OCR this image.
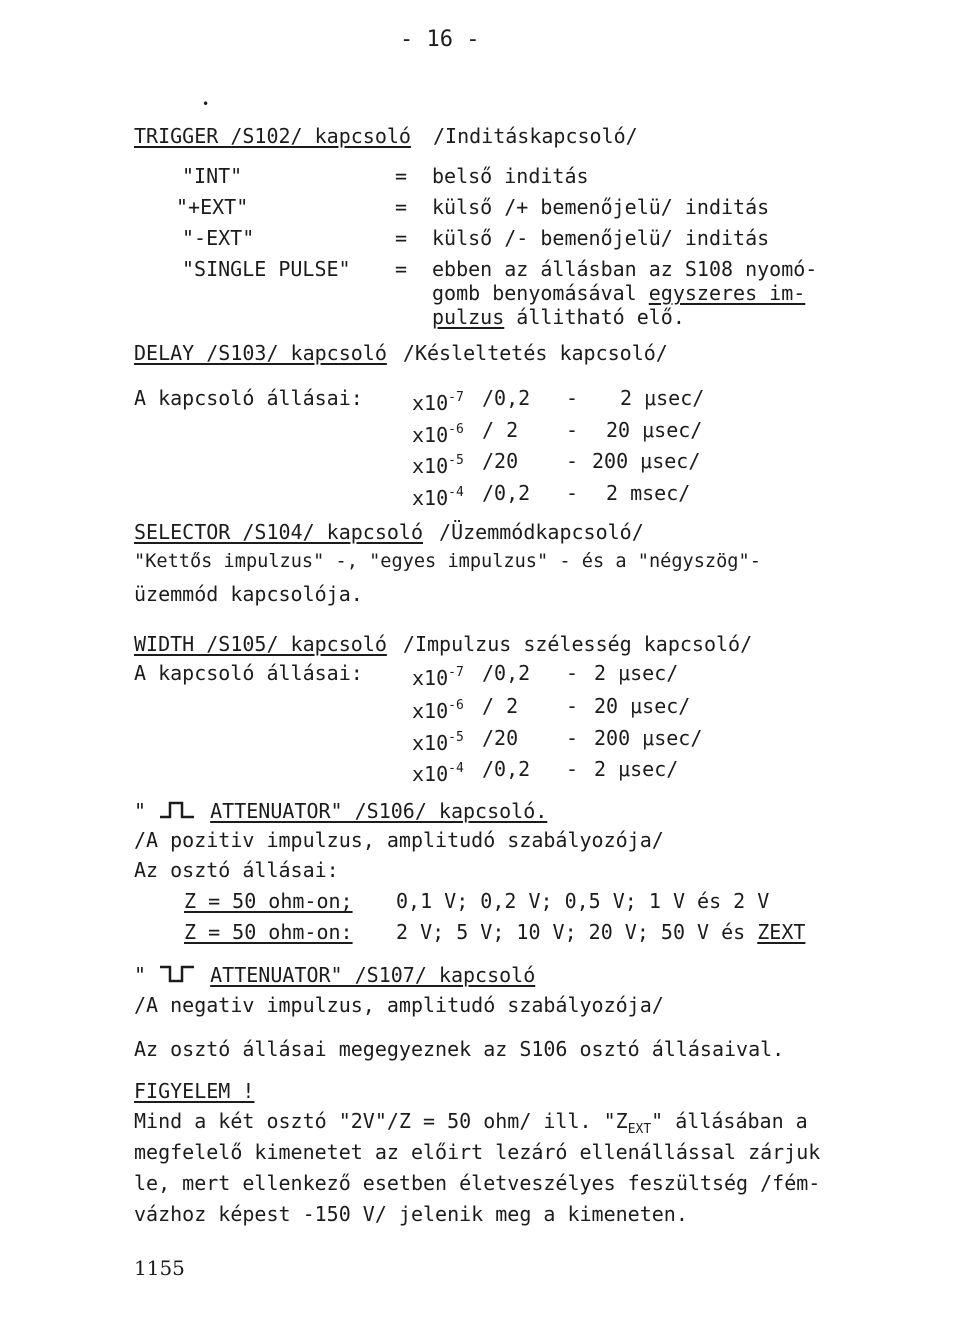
- 16 -
•
TRIGGER /S102/ kapcsoló /Inditáskapcsoló/
"INT"	= belső inditás
"+EXT"	= külső /+ bemenőjelü/ inditás
"-EXT"	= külső /- bemenőjelü/ inditás
"SINGLE PULSE" = ebben az állásban az S108 nyomó-
gomb benyomásával egyszeres im-
pulzus állitható elő.
DELAY /S103/ kapcsoló /Késleltetés kapcsoló/
A kapcsoló állásai: $x10^{-7}$ /0,2 - 2 μsec/
$x10^{-6} / 2 - 20$ μsec/
$x10^{-5}$ /20 - 200 μsec/
$x10^{-4}$ /0,2 - 2 msec/
SELECTOR /S104/ kapcsoló /Üzemmódkapcsoló/
"Kettős impulzus" -, "egyes impulzus" - és a "négyszög"-
üzemmód kapcsolója.
WIDTH /S105/ kapcsoló /Impulzus szélesség kapcsoló/
A kapcsoló állásai: $x10^{-7}$ /0,2 - 2 μsec/
$x10^{-6} / 2 - 20$ μsec/
$x10^{-5}$ /20 - 200 μsec/
$x10^{-4}$ /0,2 - 2 μsec/
"	ATTENUATOR" /S106/ kapcsoló.
/A pozitiv impulzus, amplitudó szabályozója/
Az osztó állásai:
Z = 50 ohm-on; 0,1 V; 0,2 V; 0,5 V; 1 V és 2 V
Z = 50 ohm-on: 2 V; 5 V; 10 V; 20 V; 50 V és ZEXT
"	ATTENUATOR" /S107/ kapcsoló
/A negativ impulzus, amplitudó szabályozója/
Az osztó állásai megegyeznek az S106 osztó állásaival.
FIGYELEM !
Mind a két osztó "2V"/Z = 50 ohm/ ill. "$Z_{EXT}$" állásában a
megfelelő kimenetet az előirt lezáró ellenállással zárjuk
le, mert ellenkező esetben életveszélyes feszültség /fém-
vázhoz képest -150 V/ jelenik meg a kimeneten.
1155
